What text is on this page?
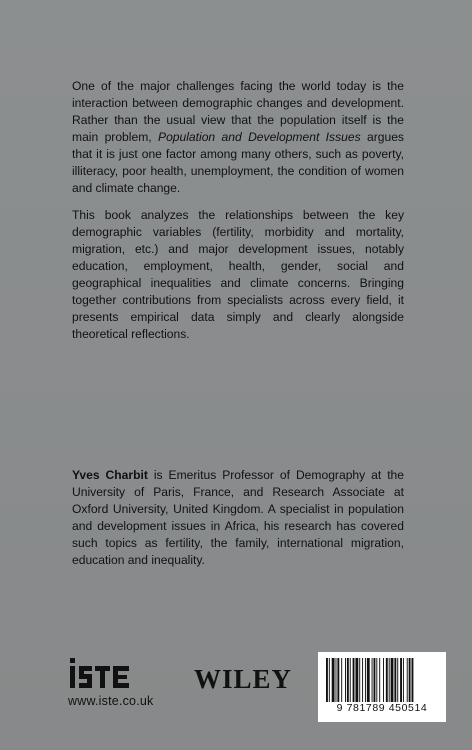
One of the major challenges facing the world today is the interaction between demographic changes and development. Rather than the usual view that the population itself is the main problem, Population and Development Issues argues that it is just one factor among many others, such as poverty, illiteracy, poor health, unemployment, the condition of women and climate change.

This book analyzes the relationships between the key demographic variables (fertility, morbidity and mortality, migration, etc.) and major development issues, notably education, employment, health, gender, social and geographical inequalities and climate concerns. Bringing together contributions from specialists across every field, it presents empirical data simply and clearly alongside theoretical reflections.

Yves Charbit is Emeritus Professor of Demography at the University of Paris, France, and Research Associate at Oxford University, United Kingdom. A specialist in population and development issues in Africa, his research has covered such topics as fertility, the family, international migration, education and inequality.

www.iste.co.uk
WILEY
9 781789 450514
